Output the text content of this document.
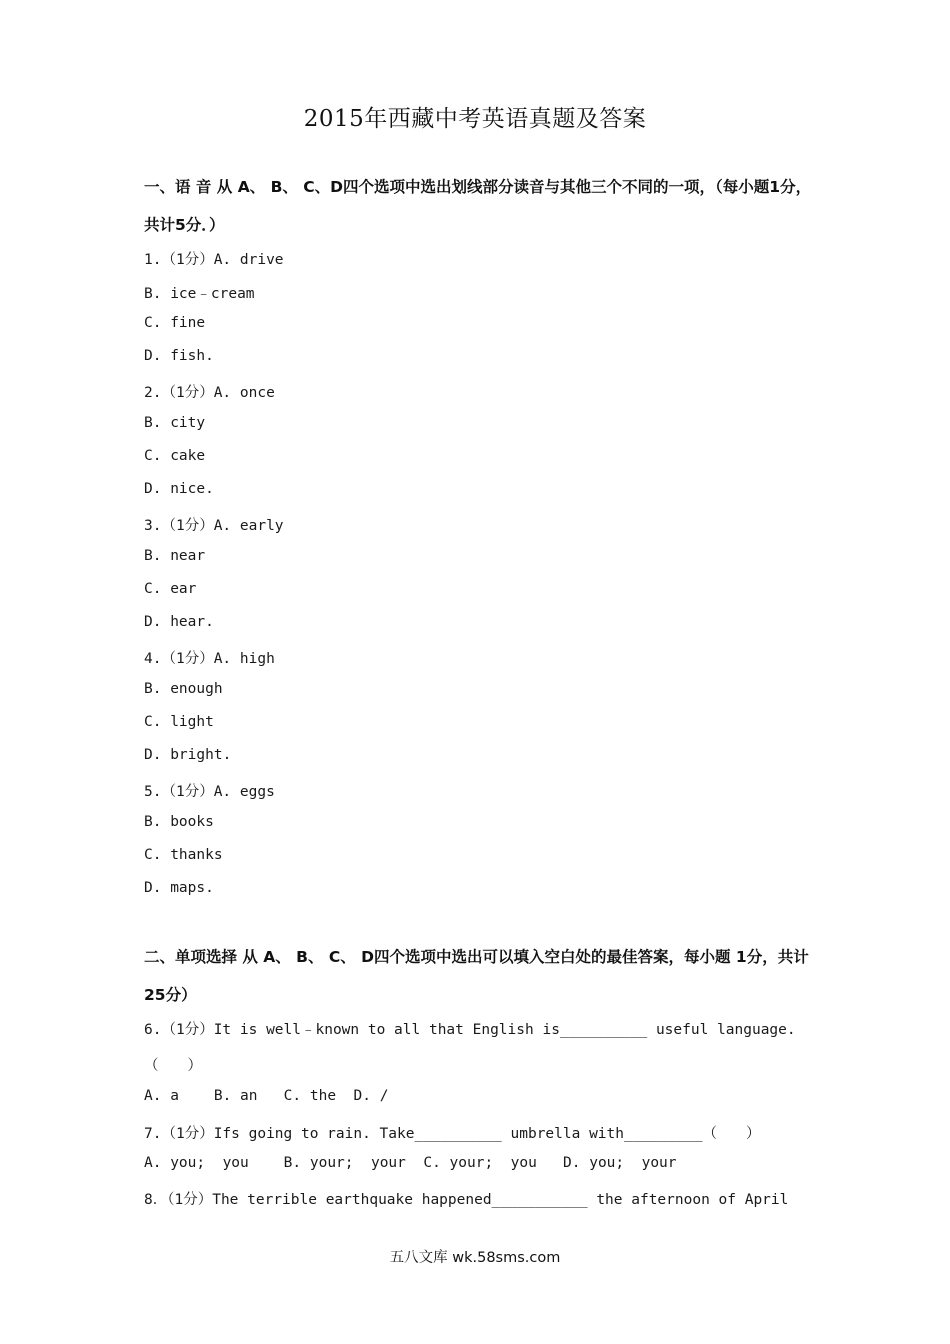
2015年西藏中考英语真题及答案
一、语 音 从 A、 B、 C、D四个选项中选出划线部分读音与其他三个不同的一项，（每小题1分，共计5分．）
1.（1分）A. drive
B. ice﹣cream
C. fine
D. fish.
2.（1分）A. once
B. city
C. cake
D. nice.
3.（1分）A. early
B. near
C. ear
D. hear.
4.（1分）A. high
B. enough
C. light
D. bright.
5.（1分）A. eggs
B. books
C. thanks
D. maps.
二、单项选择 从 A、 B、 C、 D四个选项中选出可以填入空白处的最佳答案，每小题 1分，共计25分）
6.（1分）It is well﹣known to all that English is__________ useful language.
（　　）
A. a    B. an   C. the  D. /
7.（1分）Ifs going to rain. Take__________ umbrella with_________（　　）
A. you;  you    B. your;  your  C. your;  you   D. you;  your
8．（1分）The terrible earthquake happened___________ the afternoon of April
五八文库 wk.58sms.com
